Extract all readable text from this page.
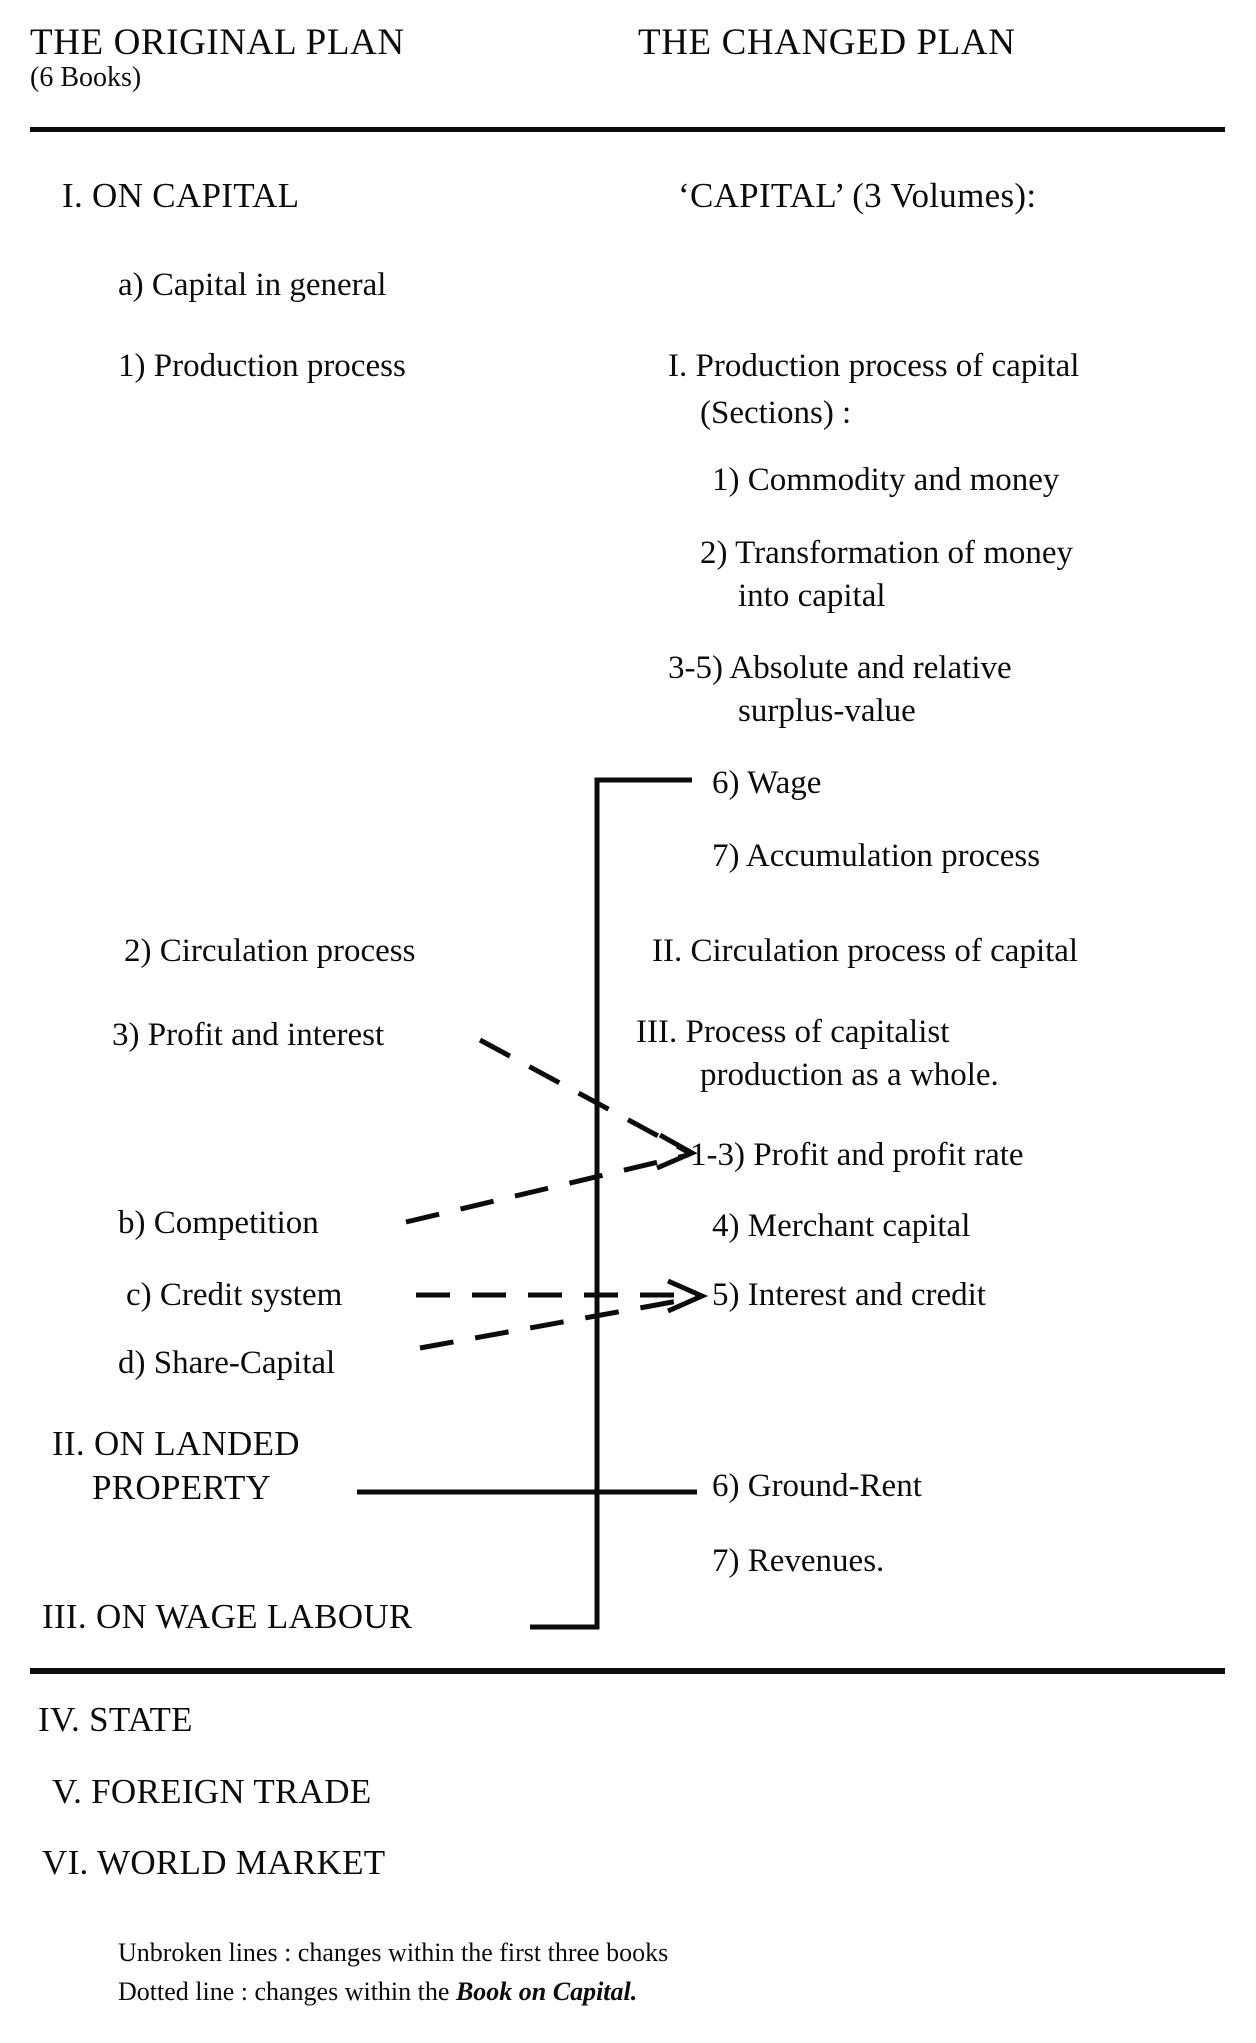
THE ORIGINAL PLAN
(6 Books)
THE CHANGED PLAN
I. ON CAPITAL
a) Capital in general
1) Production process
2) Circulation process
3) Profit and interest
b) Competition
c) Credit system
d) Share-Capital
II. ON LANDED
PROPERTY
III. ON WAGE LABOUR
‘CAPITAL’ (3 Volumes):
I. Production process of capital
(Sections) :
1) Commodity and money
2) Transformation of money
into capital
3-5) Absolute and relative
surplus-value
6) Wage
7) Accumulation process
II. Circulation process of capital
III. Process of capitalist
production as a whole.
1-3) Profit and profit rate
4) Merchant capital
5) Interest and credit
6) Ground-Rent
7) Revenues.
IV. STATE
V. FOREIGN TRADE
VI. WORLD MARKET
Unbroken lines : changes within the first three books
Dotted line : changes within the Book on Capital.
